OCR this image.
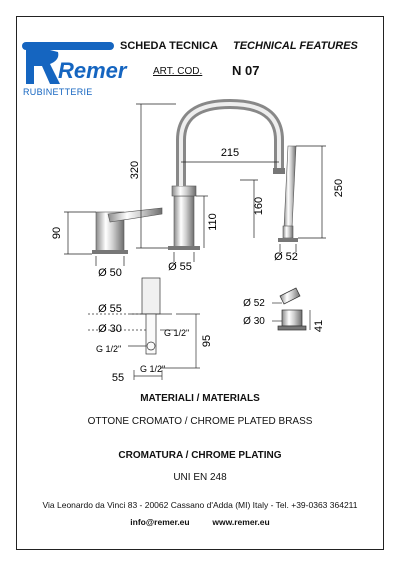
Remer
RUBINETTERIE
SCHEDA TECNICA TECHNICAL FEATURES
ART. COD. N 07
320
215
250
160
110
90
Ø 50	Ø 55
Ø 52
Ø 55
Ø 30	G 1/2"
G 1/2"
G 1/2"
95
55
Ø 52
Ø 30	41
MATERIALI / MATERIALS
OTTONE CROMATO / CHROME PLATED BRASS
CROMATURA / CHROME PLATING
UNI EN 248
Via Leonardo da Vinci 83 - 20062 Cassano d'Adda (MI) Italy - Tel. +39-0363 364211
info@remer.eu	www.remer.eu
